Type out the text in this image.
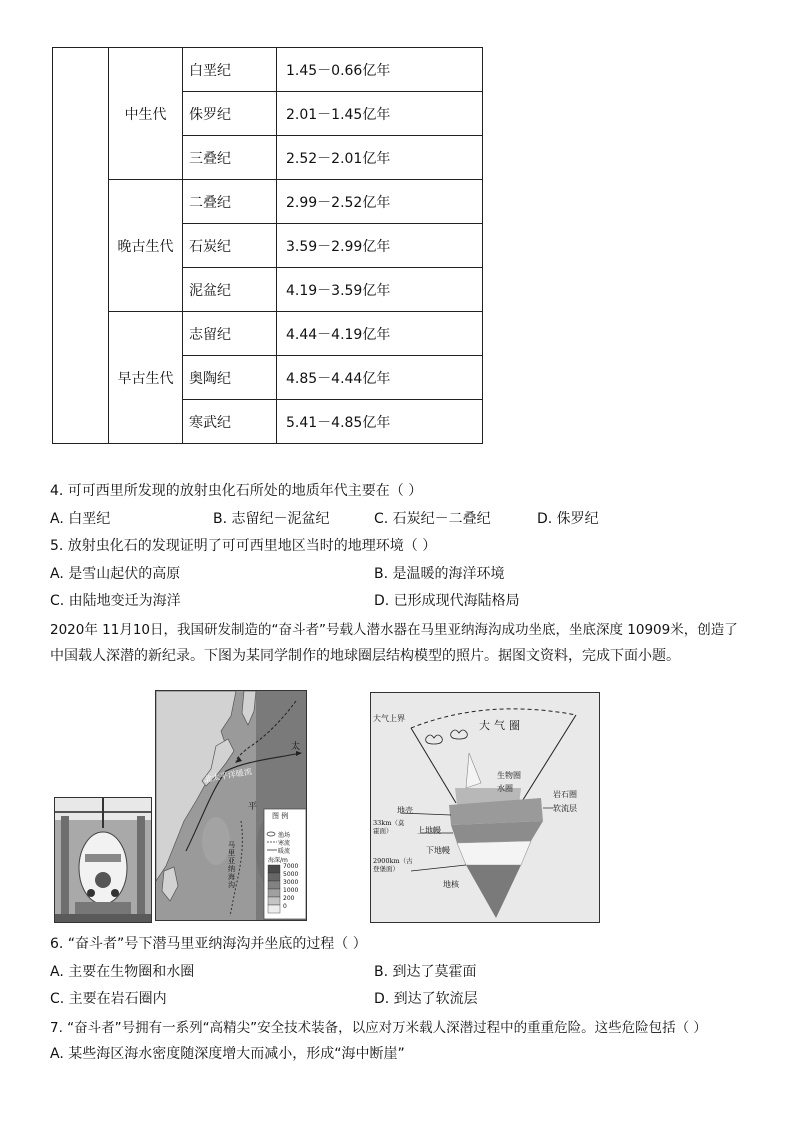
	中生代	白垩纪	1.45－0.66亿年
		侏罗纪	2.01－1.45亿年
		三叠纪	2.52－2.01亿年
	晚古生代	二叠纪	2.99－2.52亿年
		石炭纪	3.59－2.99亿年
		泥盆纪	4.19－3.59亿年
	早古生代	志留纪	4.44－4.19亿年
		奥陶纪	4.85－4.44亿年
		寒武纪	5.41－4.85亿年
4. 可可西里所发现的放射虫化石所处的地质年代主要在（ ）
A. 白垩纪	B. 志留纪－泥盆纪	C. 石炭纪－二叠纪	D. 侏罗纪
5. 放射虫化石的发现证明了可可西里地区当时的地理环境（ ）
A. 是雪山起伏的高原	B. 是温暖的海洋环境
C. 由陆地变迁为海洋	D. 已形成现代海陆格局
2020年 11月10日，我国研发制造的“奋斗者”号载人潜水器在马里亚纳海沟成功坐底，坐底深度 10909米，创造了
中国载人深潜的新纪录。下图为某同学制作的地球圈层结构模型的照片。据图文资料，完成下面小题。
北太平洋暖流
太
平
马里亚纳海沟
图 例
渔场
寒流
暖流
海深/m
7000
5000
3000
1000
200
0
大气上界
大气圈
生物圈
水圈
地壳
33km（莫霍面）	上地幔
下地幔
2900km（古登堡面）
地核
岩石圈
软流层
6. “奋斗者”号下潜马里亚纳海沟并坐底的过程（ ）
A. 主要在生物圈和水圈	B. 到达了莫霍面
C. 主要在岩石圈内	D. 到达了软流层
7. “奋斗者”号拥有一系列“高精尖”安全技术装备，以应对万米载人深潜过程中的重重危险。这些危险包括（ ）
A. 某些海区海水密度随深度增大而减小，形成“海中断崖”
